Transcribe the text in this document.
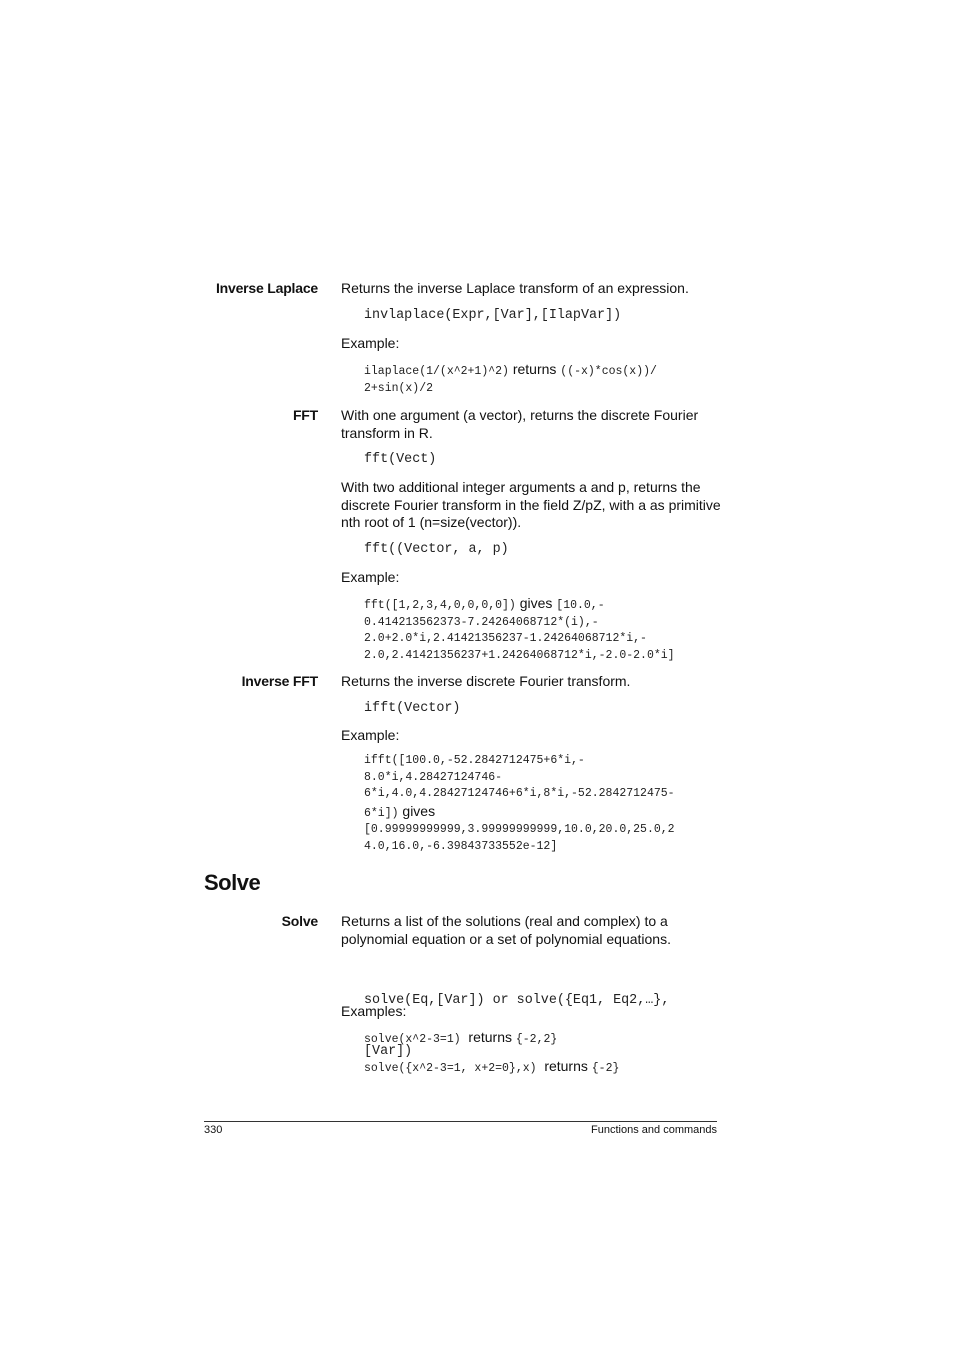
Inverse Laplace Returns the inverse Laplace transform of an expression.
invlaplace(Expr,[Var],[IlapVar])
Example:
ilaplace(1/(x^2+1)^2) returns ((-x)*cos(x))/
2+sin(x)/2
FFT With one argument (a vector), returns the discrete Fourier
transform in R.
fft(Vect)
With two additional integer arguments a and p, returns the
discrete Fourier transform in the field Z/pZ, with a as primitive
nth root of 1 (n=size(vector)).
fft((Vector, a, p)
Example:
fft([1,2,3,4,0,0,0,0]) gives [10.0,-
0.414213562373-7.24264068712*(i),-
2.0+2.0*i,2.41421356237-1.24264068712*i,-
2.0,2.41421356237+1.24264068712*i,-2.0-2.0*i]
Inverse FFT Returns the inverse discrete Fourier transform.
ifft(Vector)
Example:
ifft([100.0,-52.2842712475+6*i,-
8.0*i,4.28427124746-
6*i,4.0,4.28427124746+6*i,8*i,-52.2842712475-
6*i]) gives
[0.99999999999,3.99999999999,10.0,20.0,25.0,2
4.0,16.0,-6.39843733552e-12]
Solve
Solve Returns a list of the solutions (real and complex) to a
polynomial equation or a set of polynomial equations.

solve(Eq,[Var]) or solve({Eq1, Eq2,…},

[Var])

Examples:
solve(x^2-3=1) returns {-2,2}
solve({x^2-3=1, x+2=0},x) returns {-2}
330	Functions and commands
